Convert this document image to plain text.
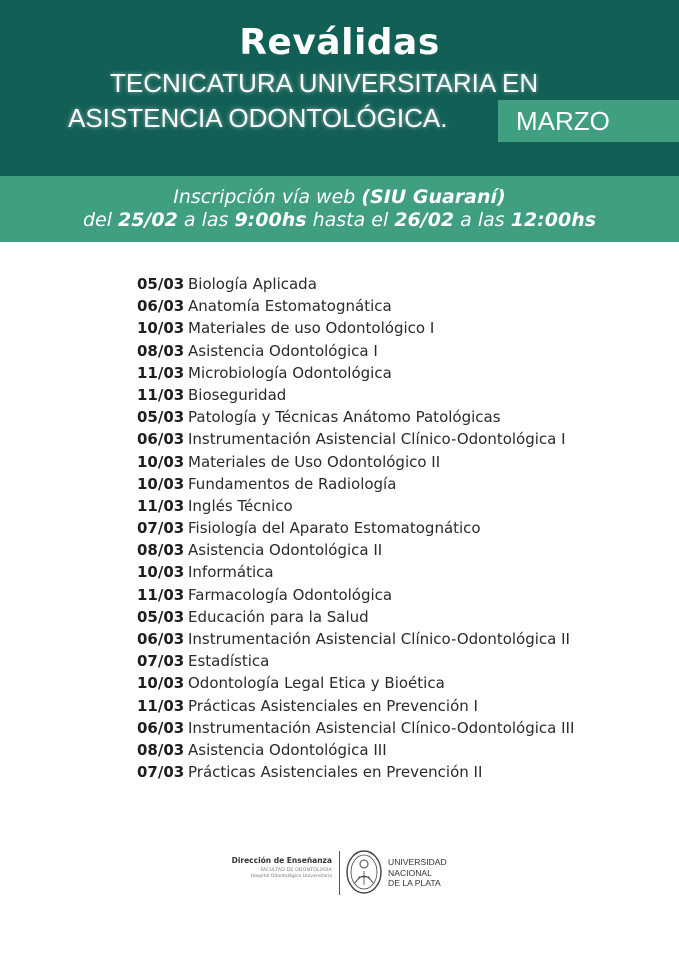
Reválidas
TECNICATURA UNIVERSITARIA EN
ASISTENCIA ODONTOLÓGICA.	MARZO
Inscripción vía web (SIU Guaraní)
del 25/02 a las 9:00hs hasta el 26/02 a las 12:00hs
05/03 Biología Aplicada
06/03 Anatomía Estomatognática
10/03 Materiales de uso Odontológico I
08/03 Asistencia Odontológica I
11/03 Microbiología Odontológica
11/03 Bioseguridad
05/03 Patología y Técnicas Anátomo Patológicas
06/03 Instrumentación Asistencial Clínico-Odontológica I
10/03 Materiales de Uso Odontológico II
10/03 Fundamentos de Radiología
11/03 Inglés Técnico
07/03 Fisiología del Aparato Estomatognático
08/03 Asistencia Odontológica II
10/03 Informática
11/03 Farmacología Odontológica
05/03 Educación para la Salud
06/03 Instrumentación Asistencial Clínico-Odontológica II
07/03 Estadística
10/03 Odontología Legal Etica y Bioética
11/03 Prácticas Asistenciales en Prevención I
06/03 Instrumentación Asistencial Clínico-Odontológica III
08/03 Asistencia Odontológica III
07/03 Prácticas Asistenciales en Prevención II
Dirección de Enseñanza
FACULTAD DE ODONTOLOGÍA
Hospital Odontológico Universitario
UNIVERSIDAD
NACIONAL
DE LA PLATA
